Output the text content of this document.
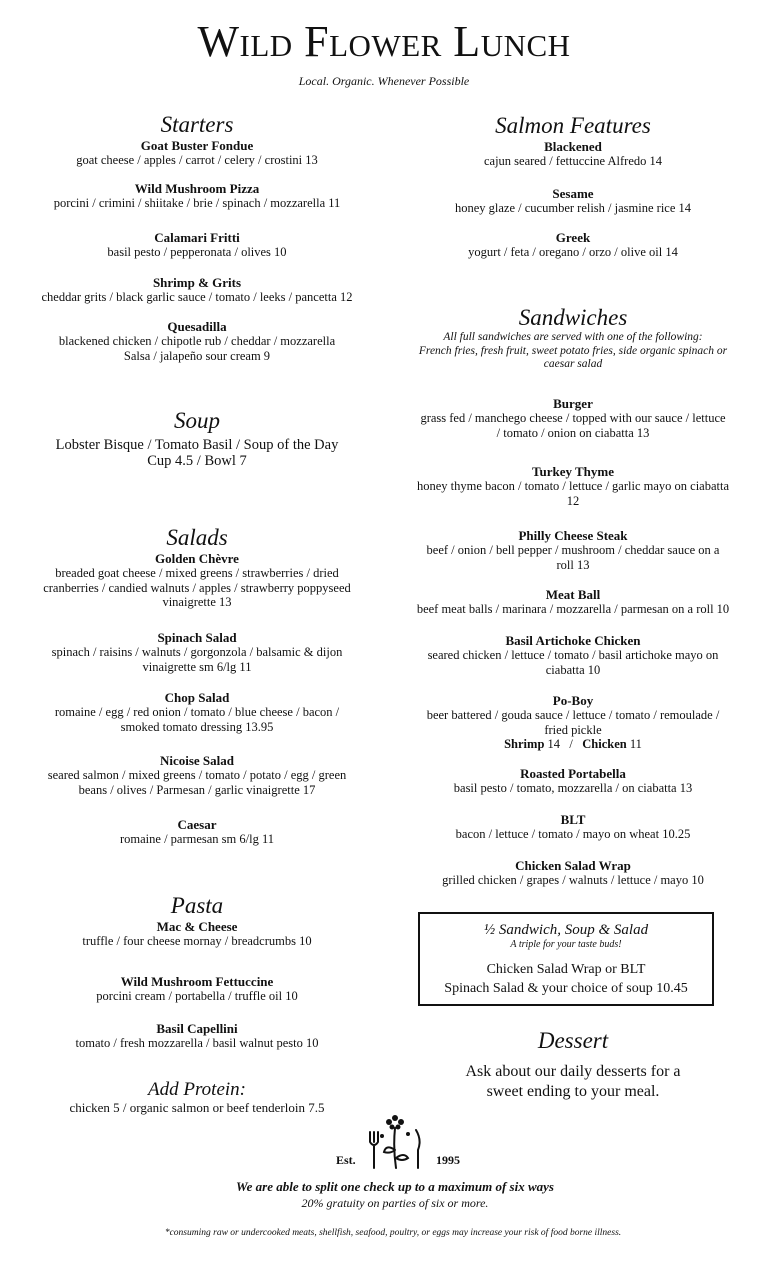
Wild Flower Lunch
Local. Organic. Whenever Possible
Starters
Goat Buster Fondue
goat cheese / apples / carrot / celery / crostini 13
Wild Mushroom Pizza
porcini / crimini / shiitake / brie / spinach / mozzarella 11
Calamari Fritti
basil pesto / pepperonata / olives 10
Shrimp & Grits
cheddar grits / black garlic sauce / tomato / leeks / pancetta 12
Quesadilla
blackened chicken / chipotle rub / cheddar / mozzarella
Salsa / jalapeño sour cream 9
Soup
Lobster Bisque / Tomato Basil / Soup of the Day
Cup 4.5 / Bowl 7
Salads
Golden Chèvre
breaded goat cheese / mixed greens / strawberries / dried
cranberries / candied walnuts / apples / strawberry poppyseed
vinaigrette 13
Spinach Salad
spinach / raisins / walnuts / gorgonzola / balsamic & dijon
vinaigrette sm 6/lg 11
Chop Salad
romaine / egg / red onion / tomato / blue cheese / bacon /
smoked tomato dressing 13.95
Nicoise Salad
seared salmon / mixed greens / tomato / potato / egg / green
beans / olives / Parmesan / garlic vinaigrette 17
Caesar
romaine / parmesan sm 6/lg 11
Pasta
Mac & Cheese
truffle / four cheese mornay / breadcrumbs 10
Wild Mushroom Fettuccine
porcini cream / portabella / truffle oil 10
Basil Capellini
tomato / fresh mozzarella / basil walnut pesto 10
Add Protein:
chicken 5 / organic salmon or beef tenderloin 7.5
Salmon Features
Blackened
cajun seared / fettuccine Alfredo 14
Sesame
honey glaze / cucumber relish / jasmine rice 14
Greek
yogurt / feta / oregano / orzo / olive oil 14
Sandwiches
All full sandwiches are served with one of the following:
French fries, fresh fruit, sweet potato fries, side organic spinach or
caesar salad
Burger
grass fed / manchego cheese / topped with our sauce / lettuce
/ tomato / onion on ciabatta 13
Turkey Thyme
honey thyme bacon / tomato / lettuce / garlic mayo on ciabatta
12
Philly Cheese Steak
beef / onion / bell pepper / mushroom / cheddar sauce on a
roll 13
Meat Ball
beef meat balls / marinara / mozzarella / parmesan on a roll 10
Basil Artichoke Chicken
seared chicken / lettuce / tomato / basil artichoke mayo on
ciabatta 10
Po-Boy
beer battered / gouda sauce / lettuce / tomato / remoulade /
fried pickle
Shrimp 14 / Chicken 11
Roasted Portabella
basil pesto / tomato, mozzarella / on ciabatta 13
BLT
bacon / lettuce / tomato / mayo on wheat 10.25
Chicken Salad Wrap
grilled chicken / grapes / walnuts / lettuce / mayo 10
½ Sandwich, Soup & Salad
A triple for your taste buds!
Chicken Salad Wrap or BLT
Spinach Salad & your choice of soup 10.45
Dessert
Ask about our daily desserts for a
sweet ending to your meal.
Est.	1995
We are able to split one check up to a maximum of six ways
20% gratuity on parties of six or more.
*consuming raw or undercooked meats, shellfish, seafood, poultry, or eggs may increase your risk of food borne illness.
